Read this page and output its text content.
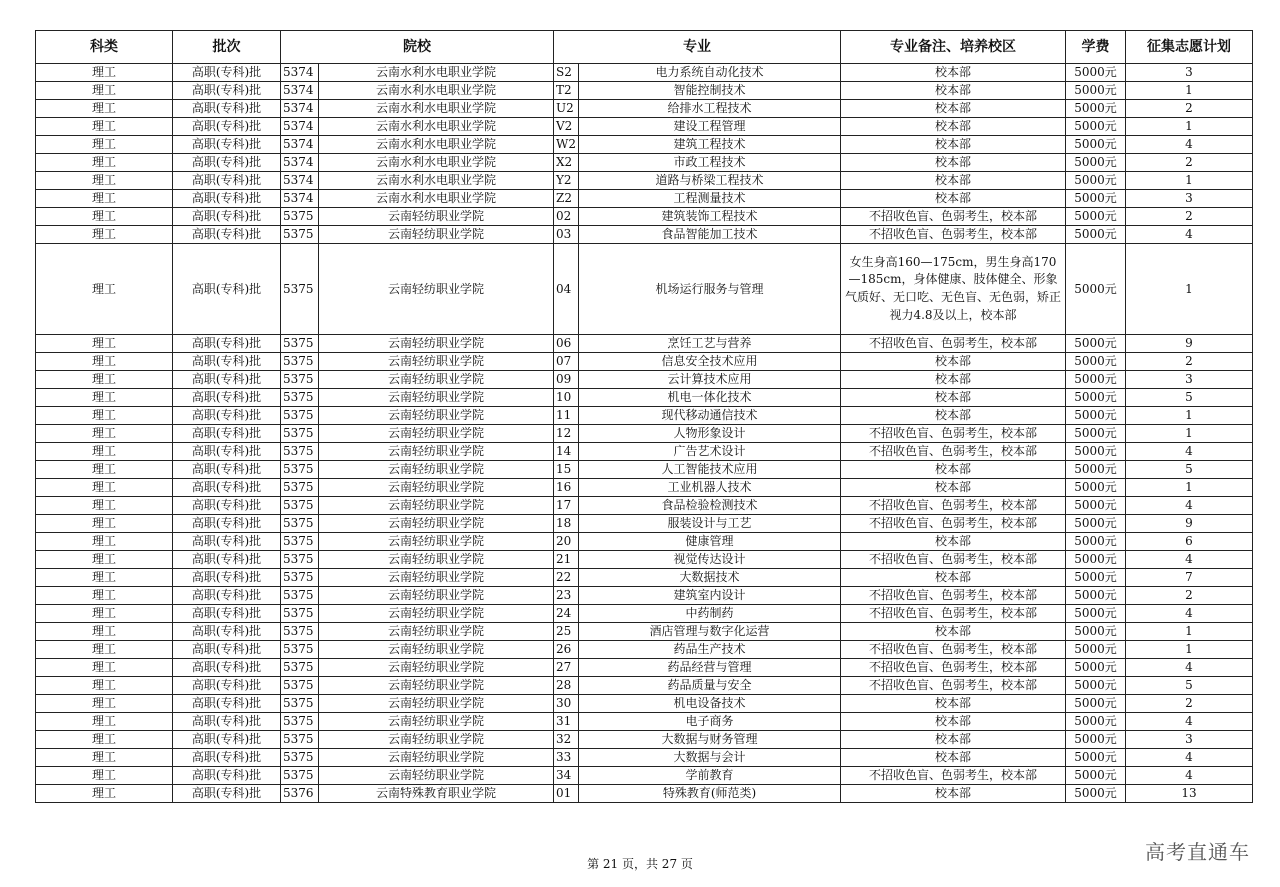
科类	批次	院校		专业		专业备注、培养校区	学费	征集志愿计划
理工	高职(专科)批	5374	云南水利水电职业学院	S2	电力系统自动化技术	校本部	5000元	3
理工	高职(专科)批	5374	云南水利水电职业学院	T2	智能控制技术	校本部	5000元	1
理工	高职(专科)批	5374	云南水利水电职业学院	U2	给排水工程技术	校本部	5000元	2
理工	高职(专科)批	5374	云南水利水电职业学院	V2	建设工程管理	校本部	5000元	1
理工	高职(专科)批	5374	云南水利水电职业学院	W2	建筑工程技术	校本部	5000元	4
理工	高职(专科)批	5374	云南水利水电职业学院	X2	市政工程技术	校本部	5000元	2
理工	高职(专科)批	5374	云南水利水电职业学院	Y2	道路与桥梁工程技术	校本部	5000元	1
理工	高职(专科)批	5374	云南水利水电职业学院	Z2	工程测量技术	校本部	5000元	3
理工	高职(专科)批	5375	云南轻纺职业学院	02	建筑装饰工程技术	不招收色盲、色弱考生，校本部	5000元	2
理工	高职(专科)批	5375	云南轻纺职业学院	03	食品智能加工技术	不招收色盲、色弱考生，校本部	5000元	4
理工	高职(专科)批	5375	云南轻纺职业学院	04	机场运行服务与管理	女生身高160—175cm，男生身高170—185cm，身体健康、肢体健全、形象气质好、无口吃、无色盲、无色弱，矫正视力4.8及以上，校本部	5000元	1
理工	高职(专科)批	5375	云南轻纺职业学院	06	烹饪工艺与营养	不招收色盲、色弱考生，校本部	5000元	9
理工	高职(专科)批	5375	云南轻纺职业学院	07	信息安全技术应用	校本部	5000元	2
理工	高职(专科)批	5375	云南轻纺职业学院	09	云计算技术应用	校本部	5000元	3
理工	高职(专科)批	5375	云南轻纺职业学院	10	机电一体化技术	校本部	5000元	5
理工	高职(专科)批	5375	云南轻纺职业学院	11	现代移动通信技术	校本部	5000元	1
理工	高职(专科)批	5375	云南轻纺职业学院	12	人物形象设计	不招收色盲、色弱考生，校本部	5000元	1
理工	高职(专科)批	5375	云南轻纺职业学院	14	广告艺术设计	不招收色盲、色弱考生，校本部	5000元	4
理工	高职(专科)批	5375	云南轻纺职业学院	15	人工智能技术应用	校本部	5000元	5
理工	高职(专科)批	5375	云南轻纺职业学院	16	工业机器人技术	校本部	5000元	1
理工	高职(专科)批	5375	云南轻纺职业学院	17	食品检验检测技术	不招收色盲、色弱考生，校本部	5000元	4
理工	高职(专科)批	5375	云南轻纺职业学院	18	服装设计与工艺	不招收色盲、色弱考生，校本部	5000元	9
理工	高职(专科)批	5375	云南轻纺职业学院	20	健康管理	校本部	5000元	6
理工	高职(专科)批	5375	云南轻纺职业学院	21	视觉传达设计	不招收色盲、色弱考生，校本部	5000元	4
理工	高职(专科)批	5375	云南轻纺职业学院	22	大数据技术	校本部	5000元	7
理工	高职(专科)批	5375	云南轻纺职业学院	23	建筑室内设计	不招收色盲、色弱考生，校本部	5000元	2
理工	高职(专科)批	5375	云南轻纺职业学院	24	中药制药	不招收色盲、色弱考生，校本部	5000元	4
理工	高职(专科)批	5375	云南轻纺职业学院	25	酒店管理与数字化运营	校本部	5000元	1
理工	高职(专科)批	5375	云南轻纺职业学院	26	药品生产技术	不招收色盲、色弱考生，校本部	5000元	1
理工	高职(专科)批	5375	云南轻纺职业学院	27	药品经营与管理	不招收色盲、色弱考生，校本部	5000元	4
理工	高职(专科)批	5375	云南轻纺职业学院	28	药品质量与安全	不招收色盲、色弱考生，校本部	5000元	5
理工	高职(专科)批	5375	云南轻纺职业学院	30	机电设备技术	校本部	5000元	2
理工	高职(专科)批	5375	云南轻纺职业学院	31	电子商务	校本部	5000元	4
理工	高职(专科)批	5375	云南轻纺职业学院	32	大数据与财务管理	校本部	5000元	3
理工	高职(专科)批	5375	云南轻纺职业学院	33	大数据与会计	校本部	5000元	4
理工	高职(专科)批	5375	云南轻纺职业学院	34	学前教育	不招收色盲、色弱考生，校本部	5000元	4
理工	高职(专科)批	5376	云南特殊教育职业学院	01	特殊教育(师范类)	校本部	5000元	13
第 21 页，共 27 页	高考直通车
